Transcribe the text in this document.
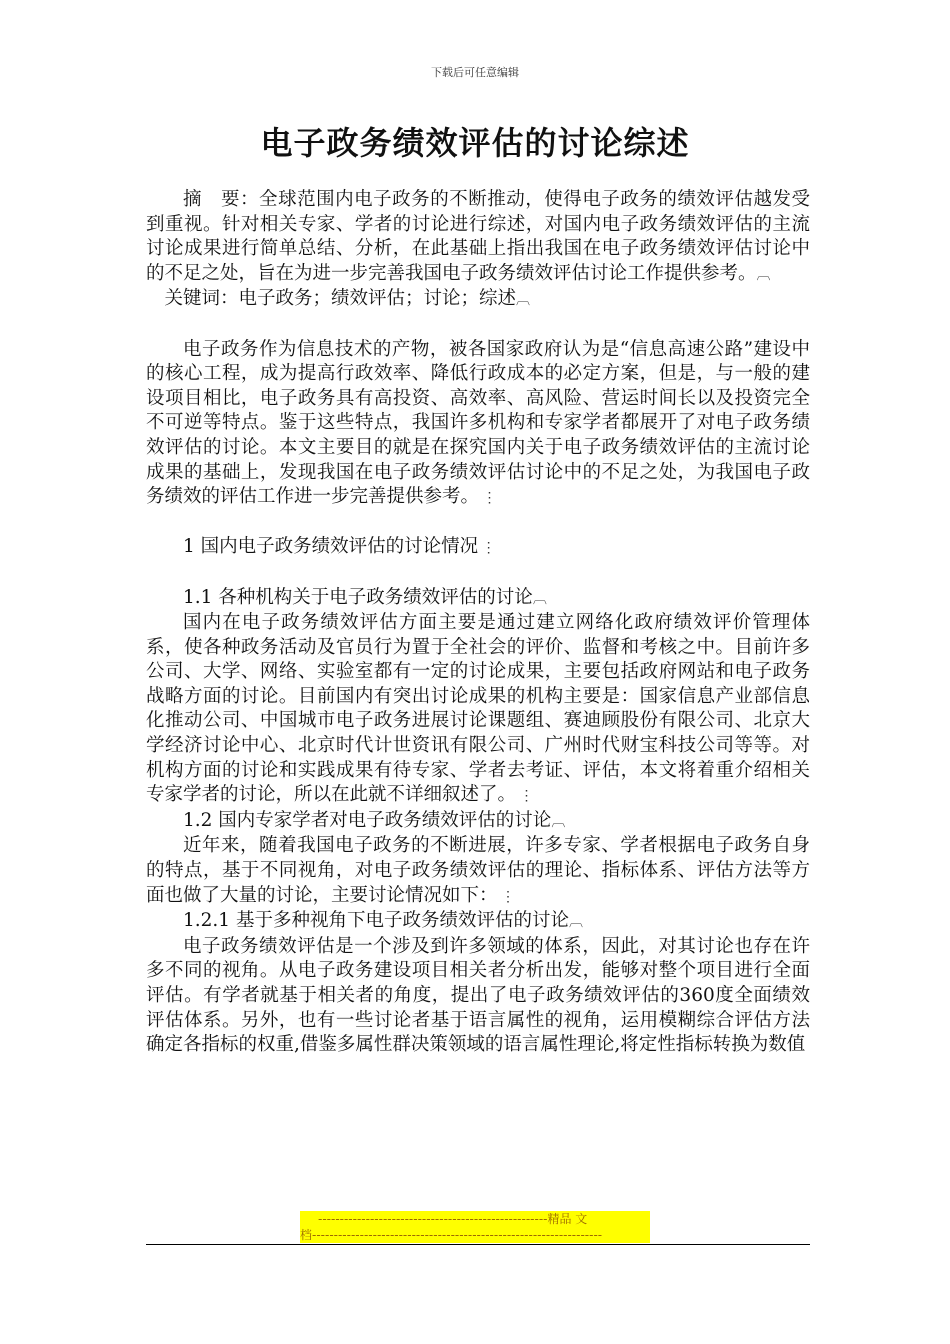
下载后可任意编辑
电子政务绩效评估的讨论综述

摘　要：全球范围内电子政务的不断推动，使得电子政务的绩效评估越发受到重视。针对相关专家、学者的讨论进行综述，对国内电子政务绩效评估的主流讨论成果进行简单总结、分析，在此基础上指出我国在电子政务绩效评估讨论中的不足之处，旨在为进一步完善我国电子政务绩效评估讨论工作提供参考。︹

关键词：电子政务；绩效评估；讨论；综述︹

电子政务作为信息技术的产物，被各国家政府认为是“信息高速公路”建设中的核心工程，成为提高行政效率、降低行政成本的必定方案，但是，与一般的建设项目相比，电子政务具有高投资、高效率、高风险、营运时间长以及投资完全不可逆等特点。鉴于这些特点，我国许多机构和专家学者都展开了对电子政务绩效评估的讨论。本文主要目的就是在探究国内关于电子政务绩效评估的主流讨论成果的基础上，发现我国在电子政务绩效评估讨论中的不足之处，为我国电子政务绩效的评估工作进一步完善提供参考。 ⋮

1 国内电子政务绩效评估的讨论情况 ⋮

1.1 各种机构关于电子政务绩效评估的讨论︹

国内在电子政务绩效评估方面主要是通过建立网络化政府绩效评价管理体系，使各种政务活动及官员行为置于全社会的评价、监督和考核之中。目前许多公司、大学、网络、实验室都有一定的讨论成果，主要包括政府网站和电子政务战略方面的讨论。目前国内有突出讨论成果的机构主要是：国家信息产业部信息化推动公司、中国城市电子政务进展讨论课题组、赛迪顾股份有限公司、北京大学经济讨论中心、北京时代计世资讯有限公司、广州时代财宝科技公司等等。对机构方面的讨论和实践成果有待专家、学者去考证、评估，本文将着重介绍相关专家学者的讨论，所以在此就不详细叙述了。 ⋮

1.2 国内专家学者对电子政务绩效评估的讨论︹

近年来，随着我国电子政务的不断进展，许多专家、学者根据电子政务自身的特点，基于不同视角，对电子政务绩效评估的理论、指标体系、评估方法等方面也做了大量的讨论，主要讨论情况如下： ⋮

1.2.1 基于多种视角下电子政务绩效评估的讨论︹

电子政务绩效评估是一个涉及到许多领域的体系，因此，对其讨论也存在许多不同的视角。从电子政务建设项目相关者分析出发，能够对整个项目进行全面评估。有学者就基于相关者的角度，提出了电子政务绩效评估的360度全面绩效评估体系。另外，也有一些讨论者基于语言属性的视角，运用模糊综合评估方法确定各指标的权重,借鉴多属性群决策领域的语言属性理论,将定性指标转换为数值

-----------------------------------------------------精品 文
档-------------------------------------------------------------------
